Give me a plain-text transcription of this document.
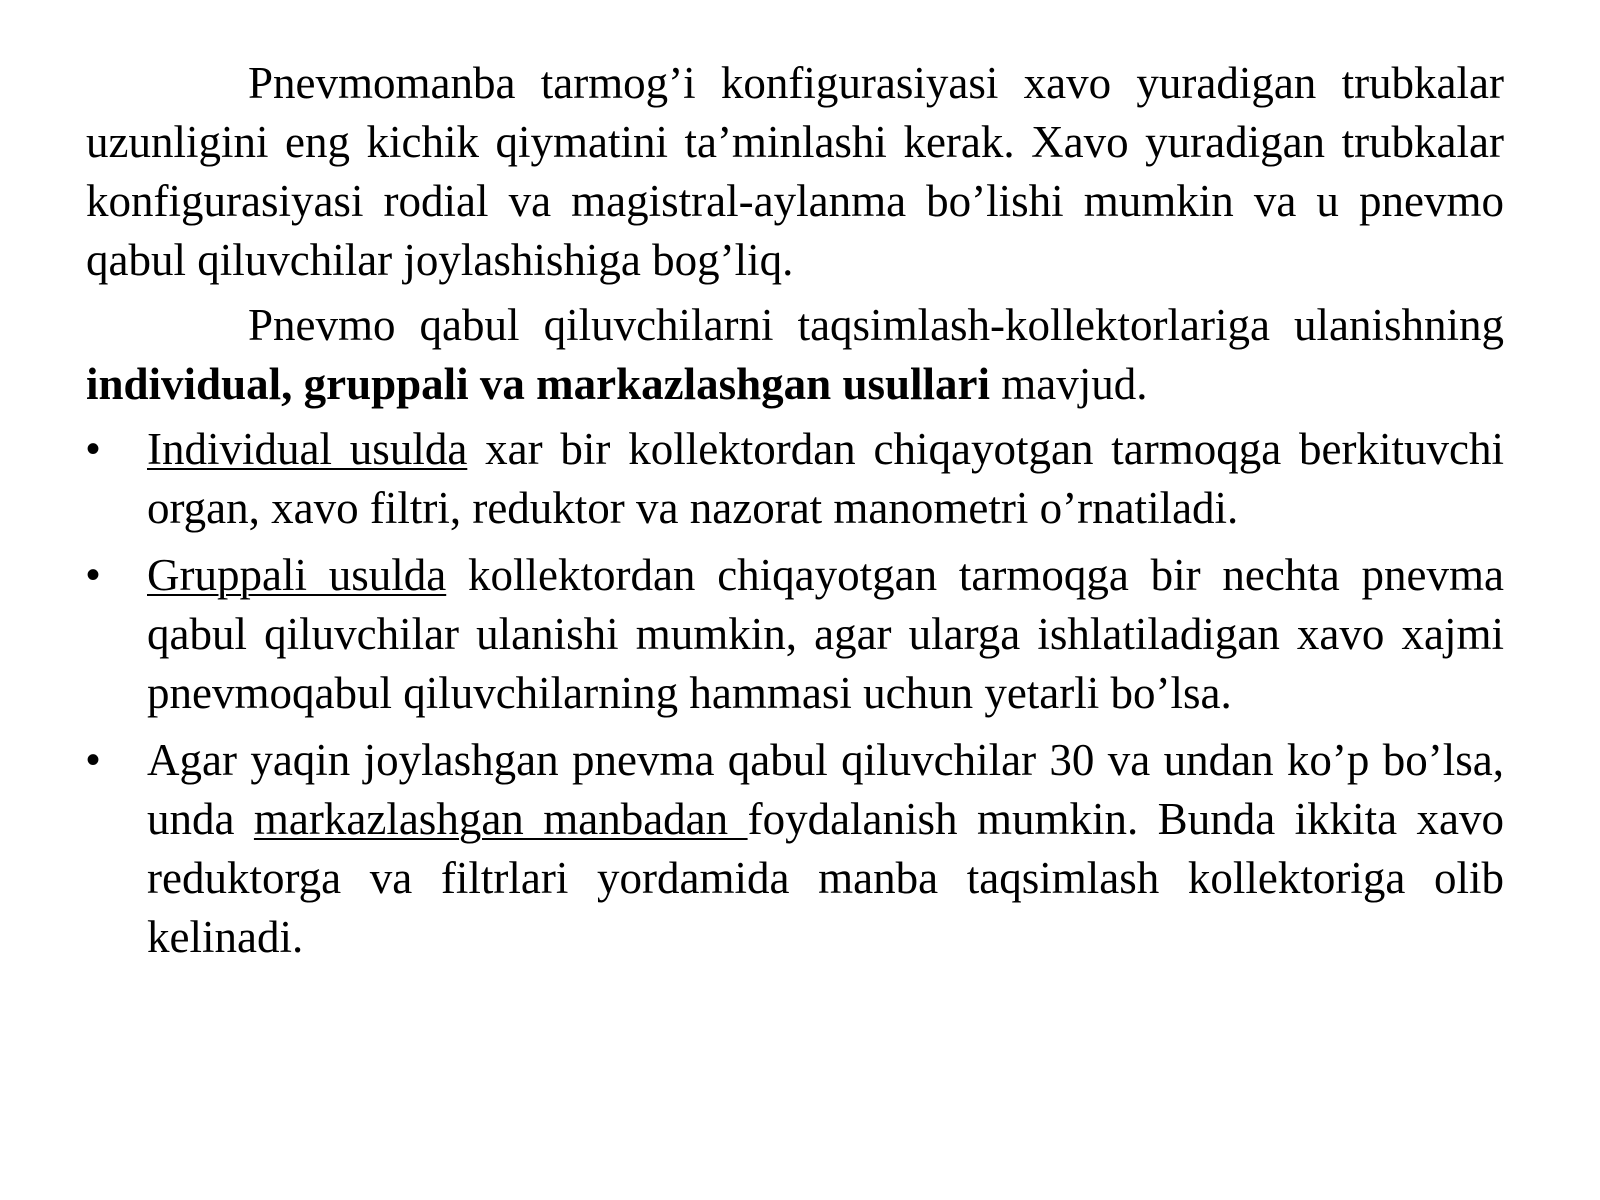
Pnevmomanba tarmog’i konfigurasiyasi xavo yuradigan trubkalar uzunligini eng kichik qiymatini ta’minlashi kerak. Xavo yuradigan trubkalar konfigurasiyasi rodial va magistral-aylanma bo’lishi mumkin va u pnevmo qabul qiluvchilar joylashishiga bog’liq.

Pnevmo qabul qiluvchilarni taqsimlash-kollektorlariga ulanishning individual, gruppali va markazlashgan usullari mavjud.

• Individual usulda xar bir kollektordan chiqayotgan tarmoqga berkituvchi organ, xavo filtri, reduktor va nazorat manometri o’rnatiladi.
• Gruppali usulda kollektordan chiqayotgan tarmoqga bir nechta pnevma qabul qiluvchilar ulanishi mumkin, agar ularga ishlatiladigan xavo xajmi pnevmoqabul qiluvchilarning hammasi uchun yetarli bo’lsa.
• Agar yaqin joylashgan pnevma qabul qiluvchilar 30 va undan ko’p bo’lsa, unda markazlashgan manbadan foydalanish mumkin. Bunda ikkita xavo reduktorga va filtrlari yordamida manba taqsimlash kollektoriga olib kelinadi.
